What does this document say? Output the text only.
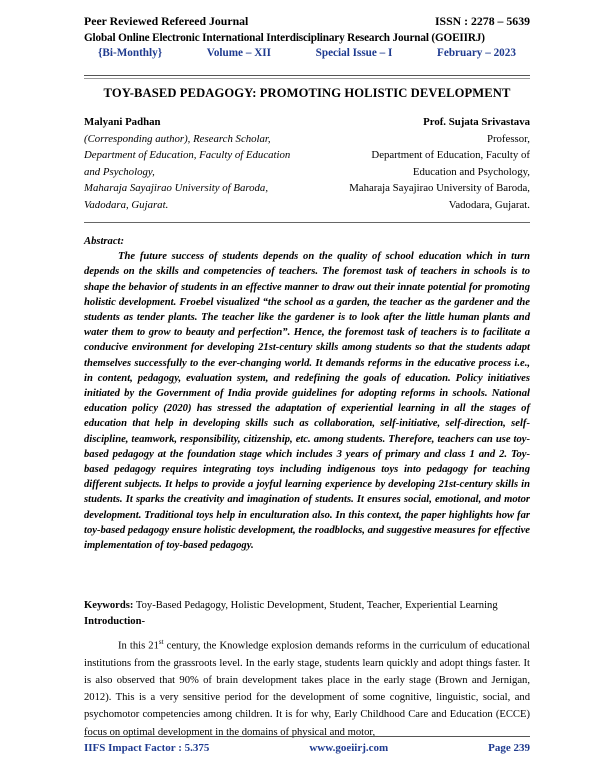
Peer Reviewed Refereed Journal	ISSN : 2278 – 5639
Global Online Electronic International Interdisciplinary Research Journal (GOEIIRJ)
{Bi-Monthly}	Volume – XII	Special Issue – I	February – 2023
TOY-BASED PEDAGOGY: PROMOTING HOLISTIC DEVELOPMENT
Malyani Padhan
(Corresponding author), Research Scholar,
Department of Education, Faculty of Education
and Psychology,
Maharaja Sayajirao University of Baroda,
Vadodara, Gujarat.
Prof. Sujata Srivastava
Professor,
Department of Education, Faculty of
Education and Psychology,
Maharaja Sayajirao University of Baroda,
Vadodara, Gujarat.
Abstract:

The future success of students depends on the quality of school education which in turn depends on the skills and competencies of teachers. The foremost task of teachers in schools is to shape the behavior of students in an effective manner to draw out their innate potential for promoting holistic development. Froebel visualized “the school as a garden, the teacher as the gardener and the students as tender plants. The teacher like the gardener is to look after the little human plants and water them to grow to beauty and perfection”. Hence, the foremost task of teachers is to facilitate a conducive environment for developing 21st-century skills among students so that the students adapt themselves successfully to the ever-changing world. It demands reforms in the educative process i.e., in content, pedagogy, evaluation system, and redefining the goals of education. Policy initiatives initiated by the Government of India provide guidelines for adopting reforms in schools. National education policy (2020) has stressed the adaptation of experiential learning in all the stages of education that help in developing skills such as collaboration, self-initiative, self-direction, self-discipline, teamwork, responsibility, citizenship, etc. among students. Therefore, teachers can use toy-based pedagogy at the foundation stage which includes 3 years of primary and class 1 and 2. Toy-based pedagogy requires integrating toys including indigenous toys into pedagogy for teaching different subjects. It helps to provide a joyful learning experience by developing 21st-century skills in students. It sparks the creativity and imagination of students. It ensures social, emotional, and motor development. Traditional toys help in enculturation also. In this context, the paper highlights how far toy-based pedagogy ensure holistic development, the roadblocks, and suggestive measures for effective implementation of toy-based pedagogy.

Keywords: Toy-Based Pedagogy, Holistic Development, Student, Teacher, Experiential Learning
Introduction-

In this 21st century, the Knowledge explosion demands reforms in the curriculum of educational institutions from the grassroots level. In the early stage, students learn quickly and adopt things faster. It is also observed that 90% of brain development takes place in the early stage (Brown and Jernigan, 2012). This is a very sensitive period for the development of some cognitive, linguistic, social, and psychomotor competencies among children. It is for why, Early Childhood Care and Education (ECCE) focus on optimal development in the domains of physical and motor,

IIFS Impact Factor : 5.375	www.goeiirj.com	Page 239
